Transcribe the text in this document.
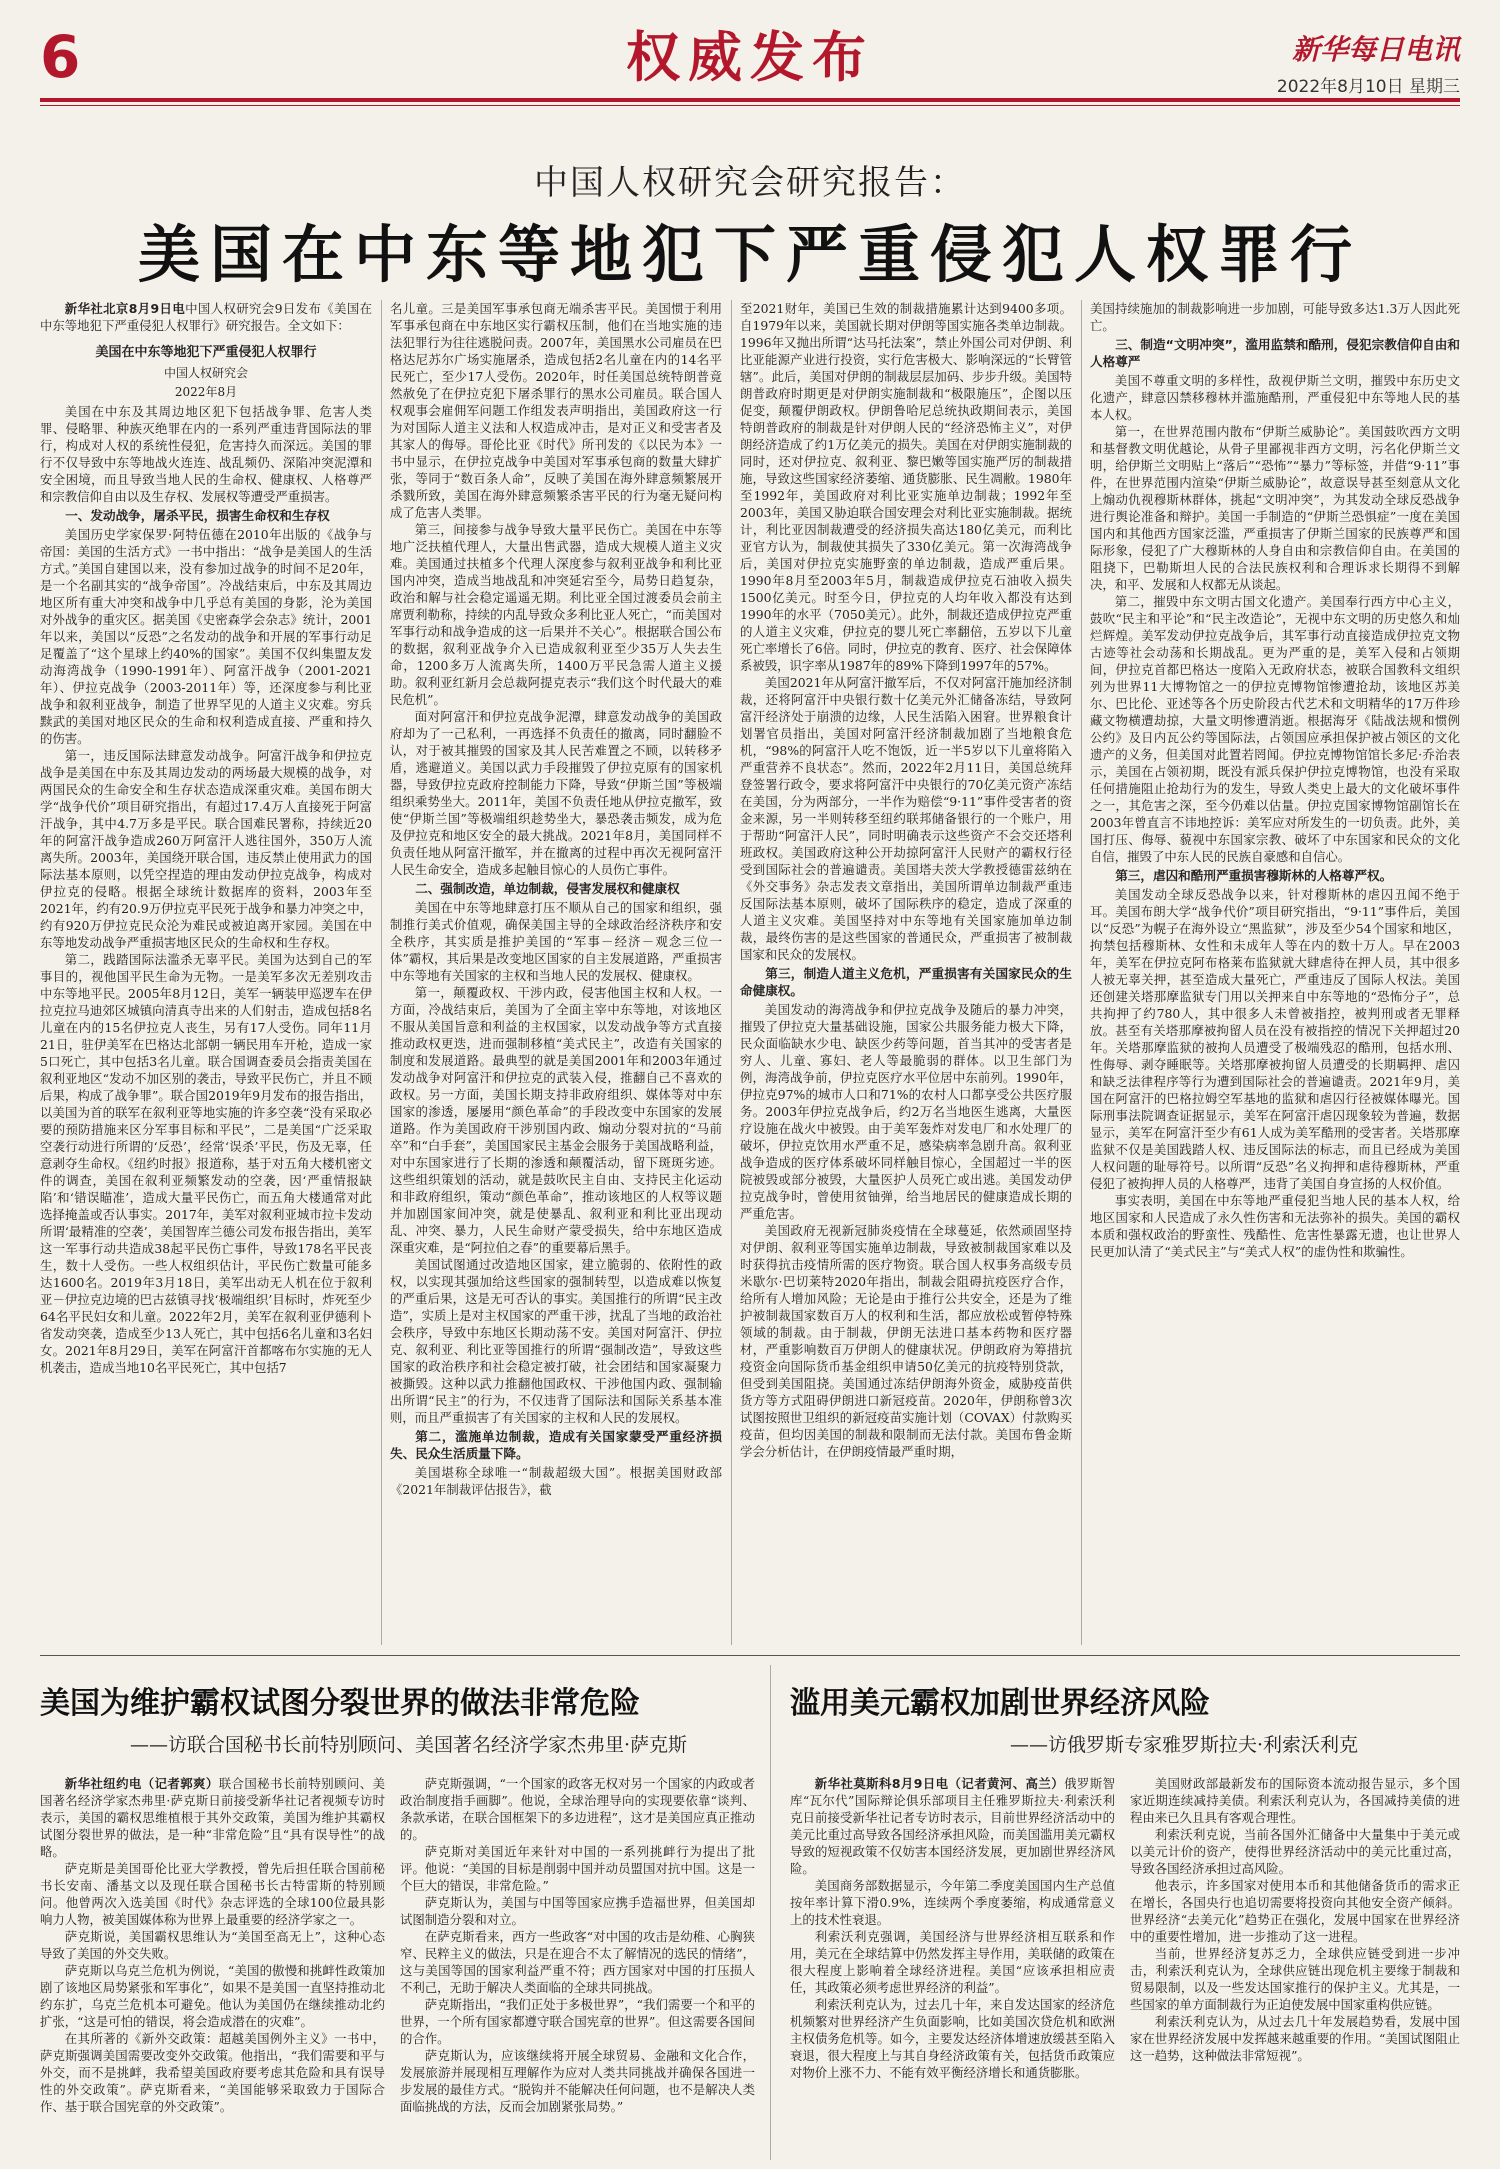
6	权威发布	新华每日电讯
2022年8月10日 星期三
中国人权研究会研究报告：
美国在中东等地犯下严重侵犯人权罪行

新华社北京8月9日电中国人权研究会9日发布《美国在中东等地犯下严重侵犯人权罪行》研究报告。全文如下：

美国在中东等地犯下严重侵犯人权罪行
中国人权研究会
2022年8月

美国在中东及其周边地区犯下包括战争罪、危害人类罪、侵略罪、种族灭绝罪在内的一系列严重违背国际法的罪行，构成对人权的系统性侵犯，危害持久而深远。美国的罪行不仅导致中东等地战火连连、战乱频仍、深陷冲突泥潭和安全困境，而且导致当地人民的生命权、健康权、人格尊严和宗教信仰自由以及生存权、发展权等遭受严重损害。

一、发动战争，屠杀平民，损害生命权和生存权

美国历史学家保罗·阿特伍德在2010年出版的《战争与帝国：美国的生活方式》一书中指出：“战争是美国人的生活方式。”美国自建国以来，没有参加过战争的时间不足20年，是一个名副其实的“战争帝国”。冷战结束后，中东及其周边地区所有重大冲突和战争中几乎总有美国的身影，沦为美国对外战争的重灾区。据美国《史密森学会杂志》统计，2001年以来，美国以“反恐”之名发动的战争和开展的军事行动足足覆盖了“这个星球上约40%的国家”。美国不仅纠集盟友发动海湾战争（1990-1991年）、阿富汗战争（2001-2021年）、伊拉克战争（2003-2011年）等，还深度参与利比亚战争和叙利亚战争，制造了世界罕见的人道主义灾难。穷兵黩武的美国对地区民众的生命和权利造成直接、严重和持久的伤害。

第一，违反国际法肆意发动战争。阿富汗战争和伊拉克战争是美国在中东及其周边发动的两场最大规模的战争，对两国民众的生命安全和生存状态造成深重灾难。美国布朗大学“战争代价”项目研究指出，有超过17.4万人直接死于阿富汗战争，其中4.7万多是平民。联合国难民署称，持续近20年的阿富汗战争造成260万阿富汗人逃往国外，350万人流离失所。2003年，美国绕开联合国，违反禁止使用武力的国际法基本原则，以凭空捏造的理由发动伊拉克战争，构成对伊拉克的侵略。根据全球统计数据库的资料，2003年至2021年，约有20.9万伊拉克平民死于战争和暴力冲突之中，约有920万伊拉克民众沦为难民或被迫离开家园。美国在中东等地发动战争严重损害地区民众的生命权和生存权。

第二，践踏国际法滥杀无辜平民。美国为达到自己的军事目的，视他国平民生命为无物。一是美军多次无差别攻击中东等地平民。2005年8月12日，美军一辆装甲巡逻车在伊拉克拉马迪郊区城镇向清真寺出来的人们射击，造成包括8名儿童在内的15名伊拉克人丧生，另有17人受伤。同年11月21日，驻伊美军在巴格达北部朝一辆民用车开枪，造成一家5口死亡，其中包括3名儿童。联合国调查委员会指责美国在叙利亚地区“发动不加区别的袭击，导致平民伤亡，并且不顾后果，构成了战争罪”。联合国2019年9月发布的报告指出，以美国为首的联军在叙利亚等地实施的许多空袭“没有采取必要的预防措施来区分军事目标和平民”，二是美国“广泛采取空袭行动进行所谓的‘反恐’，经常‘误杀’平民，伤及无辜，任意剥夺生命权。《纽约时报》报道称，基于对五角大楼机密文件的调查，美国在叙利亚频繁发动的空袭，因‘严重情报缺陷’和‘错误瞄准’，造成大量平民伤亡，而五角大楼通常对此选择掩盖或否认事实。2017年，美军对叙利亚城市拉卡发动所谓‘最精准的空袭’，美国智库兰德公司发布报告指出，美军这一军事行动共造成38起平民伤亡事件，导致178名平民丧生，数十人受伤。一些人权组织估计，平民伤亡数量可能多达1600名。2019年3月18日，美军出动无人机在位于叙利亚－伊拉克边境的巴古兹镇寻找‘极端组织’目标时，炸死至少64名平民妇女和儿童。2022年2月，美军在叙利亚伊德利卜省发动突袭，造成至少13人死亡，其中包括6名儿童和3名妇女。2021年8月29日，美军在阿富汗首都喀布尔实施的无人机袭击，造成当地10名平民死亡，其中包括7

名儿童。三是美国军事承包商无端杀害平民。美国惯于利用军事承包商在中东地区实行霸权压制，他们在当地实施的违法犯罪行为往往逃脱问责。2007年，美国黑水公司雇员在巴格达尼苏尔广场实施屠杀，造成包括2名儿童在内的14名平民死亡，至少17人受伤。2020年，时任美国总统特朗普竟然赦免了在伊拉克犯下屠杀罪行的黑水公司雇员。联合国人权观事会雇佣军问题工作组发表声明指出，美国政府这一行为对国际人道主义法和人权造成冲击，是对正义和受害者及其家人的侮辱。哥伦比亚《时代》所刊发的《以民为本》一书中显示，在伊拉克战争中美国对军事承包商的数量大肆扩张，等同于“数百条人命”，反映了美国在海外肆意频繁展开杀戮所致，美国在海外肆意频繁杀害平民的行为毫无疑问构成了危害人类罪。

第三，间接参与战争导致大量平民伤亡。美国在中东等地广泛扶植代理人，大量出售武器，造成大规模人道主义灾难。美国通过扶植多个代理人深度参与叙利亚战争和利比亚国内冲突，造成当地战乱和冲突延宕至今，局势日趋复杂，政治和解与社会稳定遥遥无期。利比亚全国过渡委员会前主席贾利勒称，持续的内乱导致众多利比亚人死亡，“而美国对军事行动和战争造成的这一后果并不关心”。根据联合国公布的数据，叙利亚战争介入已造成叙利亚至少35万人失去生命，1200多万人流离失所，1400万平民急需人道主义援助。叙利亚红新月会总裁阿提克表示“我们这个时代最大的难民危机”。

面对阿富汗和伊拉克战争泥潭，肆意发动战争的美国政府却为了一己私利，一再选择不负责任的撤离，同时翻脸不认，对于被其摧毁的国家及其人民苦难置之不顾，以转移矛盾，逃避道义。美国以武力手段摧毁了伊拉克原有的国家机器，导致伊拉克政府控制能力下降，导致“伊斯兰国”等极端组织乘势坐大。2011年，美国不负责任地从伊拉克撤军，致使“伊斯兰国”等极端组织趁势坐大，暴恐袭击频发，成为危及伊拉克和地区安全的最大挑战。2021年8月，美国同样不负责任地从阿富汗撤军，并在撤离的过程中再次无视阿富汗人民生命安全，造成多起触目惊心的人员伤亡事件。

二、强制改造，单边制裁，侵害发展权和健康权

美国在中东等地肆意打压不顺从自己的国家和组织，强制推行美式价值观，确保美国主导的全球政治经济秩序和安全秩序，其实质是推护美国的“军事－经济－观念三位一体”霸权，其后果是改变地区国家的自主发展道路，严重损害中东等地有关国家的主权和当地人民的发展权、健康权。

第一，颠覆政权、干涉内政，侵害他国主权和人权。一方面，冷战结束后，美国为了全面主宰中东等地，对该地区不服从美国旨意和利益的主权国家，以发动战争等方式直接推动政权更迭，进而强制移植“美式民主”，改造有关国家的制度和发展道路。最典型的就是美国2001年和2003年通过发动战争对阿富汗和伊拉克的武装入侵，推翻自己不喜欢的政权。另一方面，美国长期支持非政府组织、媒体等对中东国家的渗透，屡屡用“颜色革命”的手段改变中东国家的发展道路。作为美国政府干涉别国内政、煽动分裂对抗的“马前卒”和“白手套”，美国国家民主基金会服务于美国战略利益，对中东国家进行了长期的渗透和颠覆活动，留下斑斑劣迹。这些组织策划的活动，就是鼓吹民主自由、支持民主化运动和非政府组织，策动“颜色革命”，推动该地区的人权等议题并加剧国家间冲突，就是使暴乱、叙利亚和利比亚出现动乱、冲突、暴力，人民生命财产蒙受损失，给中东地区造成深重灾难，是“阿拉伯之春”的重要幕后黑手。

美国试图通过改造地区国家，建立脆弱的、依附性的政权，以实现其强加给这些国家的强制转型，以造成难以恢复的严重后果，这是无可否认的事实。美国推行的所谓“民主改造”，实质上是对主权国家的严重干涉，扰乱了当地的政治社会秩序，导致中东地区长期动荡不安。美国对阿富汗、伊拉克、叙利亚、利比亚等国推行的所谓“强制改造”，导致这些国家的政治秩序和社会稳定被打破，社会团结和国家凝聚力被撕毁。这种以武力推翻他国政权、干涉他国内政、强制输出所谓“民主”的行为，不仅违背了国际法和国际关系基本准则，而且严重损害了有关国家的主权和人民的发展权。

第二，滥施单边制裁，造成有关国家蒙受严重经济损失、民众生活质量下降。

美国堪称全球唯一“制裁超级大国”。根据美国财政部《2021年制裁评估报告》，截

至2021财年，美国已生效的制裁措施累计达到9400多项。自1979年以来，美国就长期对伊朗等国实施各类单边制裁。1996年又抛出所谓“达马托法案”，禁止外国公司对伊朗、利比亚能源产业进行投资，实行危害极大、影响深远的“长臂管辖”。此后，美国对伊朗的制裁层层加码、步步升级。美国特朗普政府时期更是对伊朗实施制裁和“极限施压”，企图以压促变，颠覆伊朗政权。伊朗鲁哈尼总统执政期间表示，美国特朗普政府的制裁是针对伊朗人民的“经济恐怖主义”，对伊朗经济造成了约1万亿美元的损失。美国在对伊朗实施制裁的同时，还对伊拉克、叙利亚、黎巴嫩等国实施严厉的制裁措施，导致这些国家经济萎缩、通货膨胀、民生凋敝。1980年至1992年，美国政府对利比亚实施单边制裁；1992年至2003年，美国又胁迫联合国安理会对利比亚实施制裁。据统计，利比亚因制裁遭受的经济损失高达180亿美元，而利比亚官方认为，制裁使其损失了330亿美元。第一次海湾战争后，美国对伊拉克实施野蛮的单边制裁，造成严重后果。1990年8月至2003年5月，制裁造成伊拉克石油收入损失1500亿美元。时至今日，伊拉克的人均年收入都没有达到1990年的水平（7050美元）。此外，制裁还造成伊拉克严重的人道主义灾难，伊拉克的婴儿死亡率翻倍，五岁以下儿童死亡率增长了6倍。同时，伊拉克的教育、医疗、社会保障体系被毁，识字率从1987年的89%下降到1997年的57%。

美国2021年从阿富汗撤军后，不仅对阿富汗施加经济制裁，还将阿富汗中央银行数十亿美元外汇储备冻结，导致阿富汗经济处于崩溃的边缘，人民生活陷入困窘。世界粮食计划署官员指出，美国对阿富汗经济制裁加剧了当地粮食危机，“98%的阿富汗人吃不饱饭，近一半5岁以下儿童将陷入严重营养不良状态”。然而，2022年2月11日，美国总统拜登签署行政令，要求将阿富汗中央银行的70亿美元资产冻结在美国，分为两部分，一半作为赔偿“9·11”事件受害者的资金来源，另一半则转移至纽约联邦储备银行的一个账户，用于帮助“阿富汗人民”，同时明确表示这些资产不会交还塔利班政权。美国政府这种公开劫掠阿富汗人民财产的霸权行径受到国际社会的普遍谴责。美国塔夫茨大学教授德雷兹纳在《外交事务》杂志发表文章指出，美国所谓单边制裁严重违反国际法基本原则，破坏了国际秩序的稳定，造成了深重的人道主义灾难。美国坚持对中东等地有关国家施加单边制裁，最终伤害的是这些国家的普通民众，严重损害了被制裁国家和民众的发展权。

第三，制造人道主义危机，严重损害有关国家民众的生命健康权。

美国发动的海湾战争和伊拉克战争及随后的暴力冲突，摧毁了伊拉克大量基础设施，国家公共服务能力极大下降，民众面临缺水少电、缺医少药等问题，首当其冲的受害者是穷人、儿童、寡妇、老人等最脆弱的群体。以卫生部门为例，海湾战争前，伊拉克医疗水平位居中东前列。1990年，伊拉克97%的城市人口和71%的农村人口都享受公共医疗服务。2003年伊拉克战争后，约2万名当地医生逃离，大量医疗设施在战火中被毁。由于美军轰炸对发电厂和水处理厂的破坏，伊拉克饮用水严重不足，感染病率急剧升高。叙利亚战争造成的医疗体系破坏同样触目惊心，全国超过一半的医院被毁或部分被毁，大量医护人员死亡或出逃。美国发动伊拉克战争时，曾使用贫铀弹，给当地居民的健康造成长期的严重危害。

美国政府无视新冠肺炎疫情在全球蔓延，依然顽固坚持对伊朗、叙利亚等国实施单边制裁，导致被制裁国家难以及时获得抗击疫情所需的医疗物资。联合国人权事务高级专员米歇尔·巴切莱特2020年指出，制裁会阻碍抗疫医疗合作，给所有人增加风险；无论是由于推行公共安全，还是为了维护被制裁国家数百万人的权利和生活，都应放松或暂停特殊领域的制裁。由于制裁，伊朗无法进口基本药物和医疗器材，严重影响数百万伊朗人的健康状况。伊朗政府为筹措抗疫资金向国际货币基金组织申请50亿美元的抗疫特别贷款，但受到美国阻挠。美国通过冻结伊朗海外资金，威胁疫苗供货方等方式阻碍伊朗进口新冠疫苗。2020年，伊朗称曾3次试图按照世卫组织的新冠疫苗实施计划（COVAX）付款购买疫苗，但均因美国的制裁和限制而无法付款。美国布鲁金斯学会分析估计，在伊朗疫情最严重时期，

美国持续施加的制裁影响进一步加剧，可能导致多达1.3万人因此死亡。

三、制造“文明冲突”，滥用监禁和酷刑，侵犯宗教信仰自由和人格尊严

美国不尊重文明的多样性，敌视伊斯兰文明，摧毁中东历史文化遗产，肆意囚禁移穆林并滥施酷刑，严重侵犯中东等地人民的基本人权。

第一，在世界范围内散布“伊斯兰威胁论”。美国鼓吹西方文明和基督教文明优越论，从骨子里鄙视非西方文明，污名化伊斯兰文明，给伊斯兰文明贴上“落后”“恐怖”“暴力”等标签，并借“9·11”事件，在世界范围内渲染“伊斯兰威胁论”，故意误导甚至刻意从文化上煽动仇视穆斯林群体，挑起“文明冲突”，为其发动全球反恐战争进行舆论准备和辩护。美国一手制造的“伊斯兰恐惧症”一度在美国国内和其他西方国家泛滥，严重损害了伊斯兰国家的民族尊严和国际形象，侵犯了广大穆斯林的人身自由和宗教信仰自由。在美国的阻挠下，巴勒斯坦人民的合法民族权利和合理诉求长期得不到解决，和平、发展和人权都无从谈起。

第二，摧毁中东文明古国文化遗产。美国奉行西方中心主义，鼓吹“民主和平论”和“民主改造论”，无视中东文明的历史悠久和灿烂辉煌。美军发动伊拉克战争后，其军事行动直接造成伊拉克文物古迹等社会动荡和长期战乱。更为严重的是，美军入侵和占领期间，伊拉克首都巴格达一度陷入无政府状态，被联合国教科文组织列为世界11大博物馆之一的伊拉克博物馆惨遭抢劫，该地区苏美尔、巴比伦、亚述等各个历史阶段古代艺术和文明精华的17万件珍藏文物横遭劫掠，大量文明惨遭消逝。根据海牙《陆战法规和惯例公约》及日内瓦公约等国际法，占领国应承担保护被占领区的文化遗产的义务，但美国对此置若罔闻。伊拉克博物馆馆长多尼·乔治表示，美国在占领初期，既没有派兵保护伊拉克博物馆，也没有采取任何措施阻止抢劫行为的发生，导致人类史上最大的文化破坏事件之一，其危害之深，至今仍难以估量。伊拉克国家博物馆副馆长在2003年曾直言不讳地控诉：美军应对所发生的一切负责。此外，美国打压、侮辱、藐视中东国家宗教、破坏了中东国家和民众的文化自信，摧毁了中东人民的民族自豪感和自信心。

第三，虐囚和酷刑严重损害穆斯林的人格尊严权。

美国发动全球反恐战争以来，针对穆斯林的虐囚丑闻不绝于耳。美国布朗大学“战争代价”项目研究指出，“9·11”事件后，美国以“反恐”为幌子在海外设立“黑监狱”，涉及至少54个国家和地区，拘禁包括穆斯林、女性和未成年人等在内的数十万人。早在2003年，美军在伊拉克阿布格莱布监狱就大肆虐待在押人员，其中很多人被无辜关押，甚至造成大量死亡，严重违反了国际人权法。美国还创建关塔那摩监狱专门用以关押来自中东等地的“恐怖分子”，总共拘押了约780人，其中很多人未曾被指控，被判刑或者无罪释放。甚至有关塔那摩被拘留人员在没有被指控的情况下关押超过20年。关塔那摩监狱的被拘人员遭受了极端残忍的酷刑，包括水刑、性侮辱、剥夺睡眠等。关塔那摩被拘留人员遭受的长期羁押、虐囚和缺乏法律程序等行为遭到国际社会的普遍谴责。2021年9月，美国在阿富汗的巴格拉姆空军基地的监狱和虐囚行径被媒体曝光。国际刑事法院调查证据显示，美军在阿富汗虐囚现象较为普遍，数据显示，美军在阿富汗至少有61人成为美军酷刑的受害者。关塔那摩监狱不仅是美国践踏人权、违反国际法的标志，而且已经成为美国人权问题的耻辱符号。以所谓“反恐”名义拘押和虐待穆斯林，严重侵犯了被拘押人员的人格尊严，违背了美国自身宣扬的人权价值。

事实表明，美国在中东等地严重侵犯当地人民的基本人权，给地区国家和人民造成了永久性伤害和无法弥补的损失。美国的霸权本质和强权政治的野蛮性、残酷性、危害性暴露无遗，也让世界人民更加认清了“美式民主”与“美式人权”的虚伪性和欺骗性。

美国为维护霸权试图分裂世界的做法非常危险
——访联合国秘书长前特别顾问、美国著名经济学家杰弗里·萨克斯

新华社纽约电（记者郭爽）联合国秘书长前特别顾问、美国著名经济学家杰弗里·萨克斯日前接受新华社记者视频专访时表示，美国的霸权思维植根于其外交政策，美国为维护其霸权试图分裂世界的做法，是一种“非常危险”且“具有误导性”的战略。

萨克斯是美国哥伦比亚大学教授，曾先后担任联合国前秘书长安南、潘基文以及现任联合国秘书长古特雷斯的特别顾问。他曾两次入选美国《时代》杂志评选的全球100位最具影响力人物，被美国媒体称为世界上最重要的经济学家之一。

萨克斯说，美国霸权思维认为“美国至高无上”，这种心态导致了美国的外交失败。

萨克斯以乌克兰危机为例说，“美国的傲慢和挑衅性政策加剧了该地区局势紧张和军事化”，如果不是美国一直坚持推动北约东扩，乌克兰危机本可避免。他认为美国仍在继续推动北约扩张，“这是可怕的错误，将会造成潜在的灾难”。

在其所著的《新外交政策：超越美国例外主义》一书中，萨克斯强调美国需要改变外交政策。他指出，“我们需要和平与外交，而不是挑衅，我希望美国政府要考虑其危险和具有误导性的外交政策”。萨克斯看来，“美国能够采取致力于国际合作、基于联合国宪章的外交政策”。

萨克斯强调，“一个国家的政客无权对另一个国家的内政或者政治制度指手画脚”。他说，全球治理导向的实现要依靠“谈判、条款承诺，在联合国框架下的多边进程”，这才是美国应真正推动的。

萨克斯对美国近年来针对中国的一系列挑衅行为提出了批评。他说：“美国的目标是削弱中国并动员盟国对抗中国。这是一个巨大的错误，非常危险。”

萨克斯认为，美国与中国等国家应携手造福世界，但美国却试图制造分裂和对立。

在萨克斯看来，西方一些政客“对中国的攻击是幼稚、心胸狭窄、民粹主义的做法，只是在迎合不太了解情况的选民的情绪”，这与美国等国的国家利益严重不符；西方国家对中国的打压损人不利己，无助于解决人类面临的全球共同挑战。

萨克斯指出，“我们正处于多极世界”，“我们需要一个和平的世界，一个所有国家都遵守联合国宪章的世界”。但这需要各国间的合作。

萨克斯认为，应该继续将开展全球贸易、金融和文化合作，发展旅游并展现相互理解作为应对人类共同挑战并确保各国进一步发展的最佳方式。“脱钩并不能解决任何问题，也不是解决人类面临挑战的方法，反而会加剧紧张局势。”

滥用美元霸权加剧世界经济风险
——访俄罗斯专家雅罗斯拉夫·利索沃利克

新华社莫斯科8月9日电（记者黄河、高兰）俄罗斯智库“瓦尔代”国际辩论俱乐部项目主任雅罗斯拉夫·利索沃利克日前接受新华社记者专访时表示，目前世界经济活动中的美元比重过高导致各国经济承担风险，而美国滥用美元霸权导致的短视政策不仅妨害本国经济发展，更加剧世界经济风险。

美国商务部数据显示，今年第二季度美国国内生产总值按年率计算下滑0.9%，连续两个季度萎缩，构成通常意义上的技术性衰退。

利索沃利克强调，美国经济与世界经济相互联系和作用，美元在全球结算中仍然发挥主导作用，美联储的政策在很大程度上影响着全球经济进程。美国“应该承担相应责任，其政策必须考虑世界经济的利益”。

利索沃利克认为，过去几十年，来自发达国家的经济危机频繁对世界经济产生负面影响，比如美国次贷危机和欧洲主权债务危机等。如今，主要发达经济体增速放缓甚至陷入衰退，很大程度上与其自身经济政策有关，包括货币政策应对物价上涨不力、不能有效平衡经济增长和通货膨胀。

美国财政部最新发布的国际资本流动报告显示，多个国家近期连续减持美债。利索沃利克认为，各国减持美债的进程由来已久且具有客观合理性。

利索沃利克说，当前各国外汇储备中大量集中于美元或以美元计价的资产，使得世界经济活动中的美元比重过高，导致各国经济承担过高风险。

他表示，许多国家对使用本币和其他储备货币的需求正在增长，各国央行也追切需要将投资向其他安全资产倾斜。世界经济“去美元化”趋势正在强化，发展中国家在世界经济中的重要性增加，进一步推动了这一进程。

当前，世界经济复苏乏力，全球供应链受到进一步冲击，利索沃利克认为，全球供应链出现危机主要缘于制裁和贸易限制，以及一些发达国家推行的保护主义。尤其是，一些国家的单方面制裁行为正迫使发展中国家重构供应链。

利索沃利克认为，从过去几十年发展趋势看，发展中国家在世界经济发展中发挥越来越重要的作用。“美国试图阻止这一趋势，这种做法非常短视”。
